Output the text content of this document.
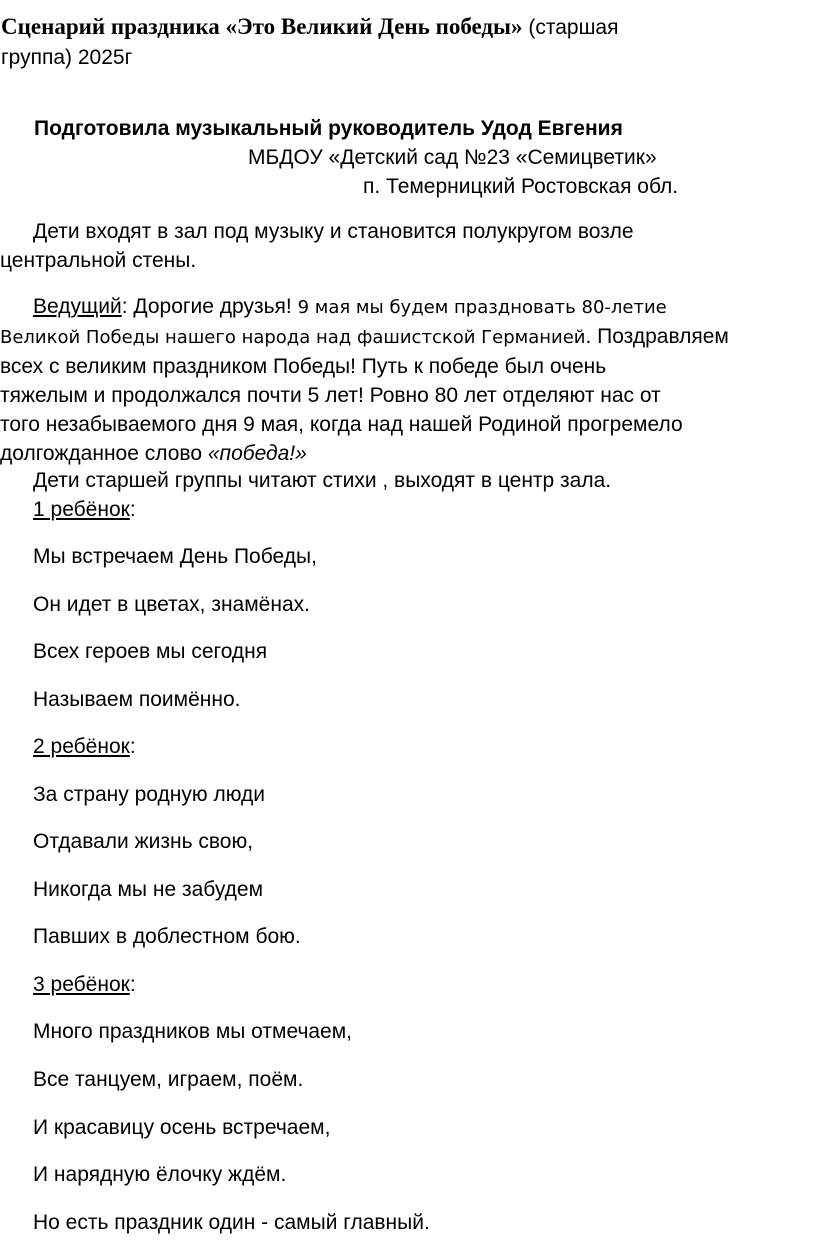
Сценарий праздника «Это Великий День победы» (старшая
группа) 2025г
Подготовила музыкальный руководитель Удод Евгения
МБДОУ «Детский сад №23 «Семицветик»
п. Темерницкий Ростовская обл.
Дети входят в зал под музыку и становится полукругом возле
центральной стены.
Ведущий: Дорогие друзья! 9 мая мы будем праздновать 80-летие
Великой Победы нашего народа над фашистской Германией. Поздравляем
всех с великим праздником Победы! Путь к победе был очень
тяжелым и продолжался почти 5 лет! Ровно 80 лет отделяют нас от
того незабываемого дня 9 мая, когда над нашей Родиной прогремело
долгожданное слово «победа!»
Дети старшей группы читают стихи , выходят в центр зала.
1 ребёнок:
Мы встречаем День Победы,
Он идет в цветах, знамёнах.
Всех героев мы сегодня
Называем поимённо.
2 ребёнок:
За страну родную люди
Отдавали жизнь свою,
Никогда мы не забудем
Павших в доблестном бою.
3 ребёнок:
Много праздников мы отмечаем,
Все танцуем, играем, поём.
И красавицу осень встречаем,
И нарядную ёлочку ждём.
Но есть праздник один - самый главный.
